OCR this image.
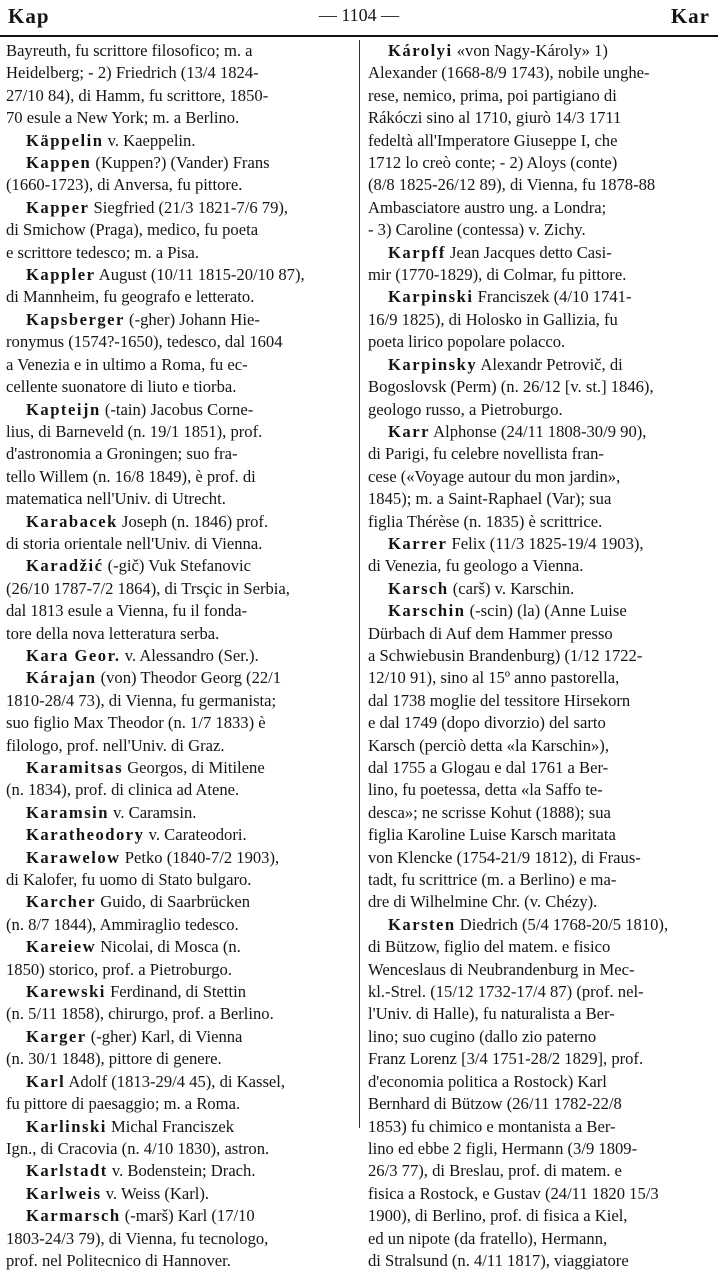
Kap	— 1104 —	Kar
Bayreuth, fu scrittore filosofico; m. a
Heidelberg; - 2) Friedrich (13/4 1824-
27/10 84), di Hamm, fu scrittore, 1850-
70 esule a New York; m. a Berlino.
Käppelin v. Kaeppelin.
Kappen (Kuppen?) (Vander) Frans
(1660-1723), di Anversa, fu pittore.
Kapper Siegfried (21/3 1821-7/6 79),
di Smichow (Praga), medico, fu poeta
e scrittore tedesco; m. a Pisa.
Kappler August (10/11 1815-20/10 87),
di Mannheim, fu geografo e letterato.
Kapsberger (-gher) Johann Hie-
ronymus (1574?-1650), tedesco, dal 1604
a Venezia e in ultimo a Roma, fu ec-
cellente suonatore di liuto e tiorba.
Kapteijn (-tain) Jacobus Corne-
lius, di Barneveld (n. 19/1 1851), prof.
d'astronomia a Groningen; suo fra-
tello Willem (n. 16/8 1849), è prof. di
matematica nell'Univ. di Utrecht.
Karabacek Joseph (n. 1846) prof.
di storia orientale nell'Univ. di Vienna.
Karadžić (-gič) Vuk Stefanovic
(26/10 1787-7/2 1864), di Trsçic in Serbia,
dal 1813 esule a Vienna, fu il fonda-
tore della nova letteratura serba.
Kara Geor. v. Alessandro (Ser.).
Kárajan (von) Theodor Georg (22/1
1810-28/4 73), di Vienna, fu germanista;
suo figlio Max Theodor (n. 1/7 1833) è
filologo, prof. nell'Univ. di Graz.
Karamitsas Georgos, di Mitilene
(n. 1834), prof. di clinica ad Atene.
Karamsin v. Caramsin.
Karatheodory v. Carateodori.
Karawelow Petko (1840-7/2 1903),
di Kalofer, fu uomo di Stato bulgaro.
Karcher Guido, di Saarbrücken
(n. 8/7 1844), Ammiraglio tedesco.
Kareiew Nicolai, di Mosca (n.
1850) storico, prof. a Pietroburgo.
Karewski Ferdinand, di Stettin
(n. 5/11 1858), chirurgo, prof. a Berlino.
Karger (-gher) Karl, di Vienna
(n. 30/1 1848), pittore di genere.
Karl Adolf (1813-29/4 45), di Kassel,
fu pittore di paesaggio; m. a Roma.
Karlinski Michal Franciszek
Ign., di Cracovia (n. 4/10 1830), astron.
Karlstadt v. Bodenstein; Drach.
Karlweis v. Weiss (Karl).
Karmarsch (-marš) Karl (17/10
1803-24/3 79), di Vienna, fu tecnologo,
prof. nel Politecnico di Hannover.
Károlyi «von Nagy-Károly» 1)
Alexander (1668-8/9 1743), nobile unghe-
rese, nemico, prima, poi partigiano di
Rákóczi sino al 1710, giurò 14/3 1711
fedeltà all'Imperatore Giuseppe I, che
1712 lo creò conte; - 2) Aloys (conte)
(8/8 1825-26/12 89), di Vienna, fu 1878-88
Ambasciatore austro ung. a Londra;
- 3) Caroline (contessa) v. Zichy.
Karpff Jean Jacques detto Casi-
mir (1770-1829), di Colmar, fu pittore.
Karpinski Franciszek (4/10 1741-
16/9 1825), di Holosko in Gallizia, fu
poeta lirico popolare polacco.
Karpinsky Alexandr Petrovič, di
Bogoslovsk (Perm) (n. 26/12 [v. st.] 1846),
geologo russo, a Pietroburgo.
Karr Alphonse (24/11 1808-30/9 90),
di Parigi, fu celebre novellista fran-
cese («Voyage autour du mon jardin»,
1845); m. a Saint-Raphael (Var); sua
figlia Thérèse (n. 1835) è scrittrice.
Karrer Felix (11/3 1825-19/4 1903),
di Venezia, fu geologo a Vienna.
Karsch (carš) v. Karschin.
Karschin (-scin) (la) (Anne Luise
Dürbach di Auf dem Hammer presso
a Schwiebusin Brandenburg) (1/12 1722-
12/10 91), sino al 15º anno pastorella,
dal 1738 moglie del tessitore Hirsekorn
e dal 1749 (dopo divorzio) del sarto
Karsch (perciò detta «la Karschin»),
dal 1755 a Glogau e dal 1761 a Ber-
lino, fu poetessa, detta «la Saffo te-
desca»; ne scrisse Kohut (1888); sua
figlia Karoline Luise Karsch maritata
von Klencke (1754-21/9 1812), di Fraus-
tadt, fu scrittrice (m. a Berlino) e ma-
dre di Wilhelmine Chr. (v. Chézy).
Karsten Diedrich (5/4 1768-20/5 1810),
di Bützow, figlio del matem. e fisico
Wenceslaus di Neubrandenburg in Mec-
kl.-Strel. (15/12 1732-17/4 87) (prof. nel-
l'Univ. di Halle), fu naturalista a Ber-
lino; suo cugino (dallo zio paterno
Franz Lorenz [3/4 1751-28/2 1829], prof.
d'economia politica a Rostock) Karl
Bernhard di Bützow (26/11 1782-22/8
1853) fu chimico e montanista a Ber-
lino ed ebbe 2 figli, Hermann (3/9 1809-
26/3 77), di Breslau, prof. di matem. e
fisica a Rostock, e Gustav (24/11 1820 15/3
1900), di Berlino, prof. di fisica a Kiel,
ed un nipote (da fratello), Hermann,
di Stralsund (n. 4/11 1817), viaggiatore
